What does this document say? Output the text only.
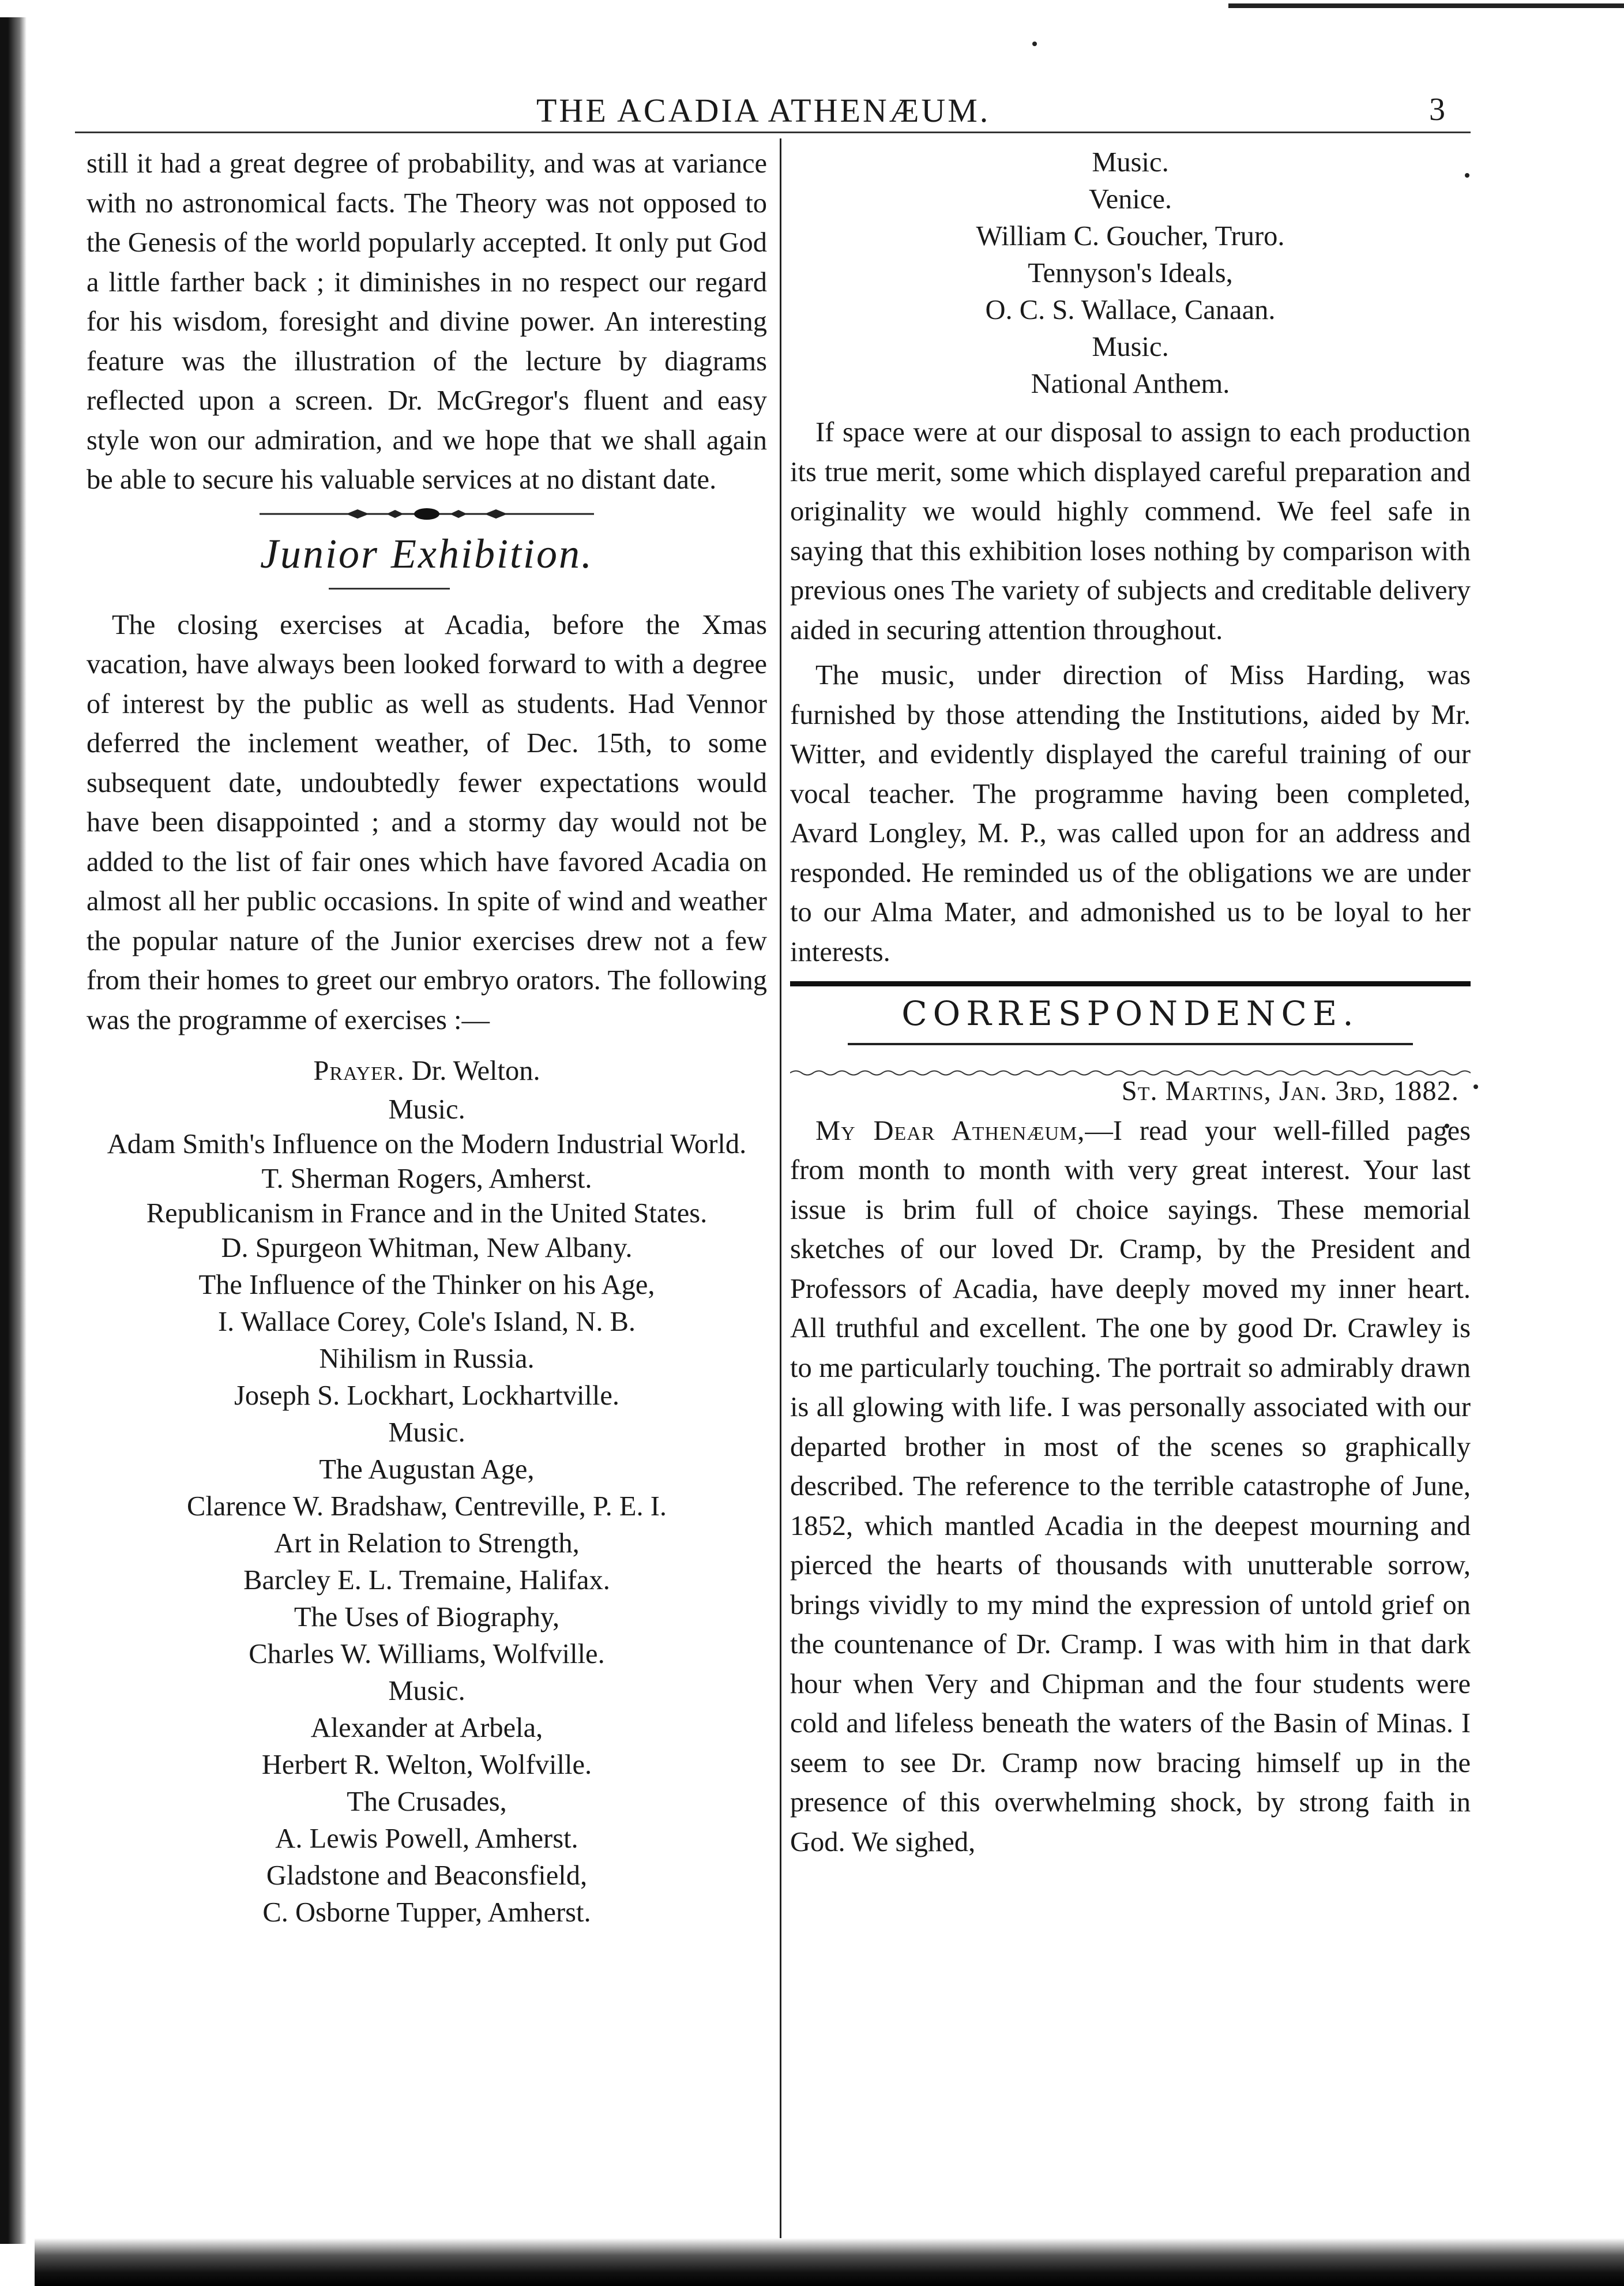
THE ACADIA ATHENÆUM.	3

still it had a great degree of probability, and was at variance with no astronomical facts. The Theory was not opposed to the Genesis of the world popularly accepted. It only put God a little farther back ; it diminishes in no respect our regard for his wisdom, foresight and divine power. An interesting feature was the illustration of the lecture by diagrams reflected upon a screen. Dr. McGregor's fluent and easy style won our admiration, and we hope that we shall again be able to secure his valuable services at no distant date.

Junior Exhibition.

The closing exercises at Acadia, before the Xmas vacation, have always been looked forward to with a degree of interest by the public as well as students. Had Vennor deferred the inclement weather, of Dec. 15th, to some subsequent date, undoubtedly fewer expectations would have been disappointed ; and a stormy day would not be added to the list of fair ones which have favored Acadia on almost all her public occasions. In spite of wind and weather the popular nature of the Junior exercises drew not a few from their homes to greet our embryo orators. The following was the programme of exercises :—

Prayer. Dr. Welton.

Music.

Adam Smith's Influence on the Modern Industrial World.

T. Sherman Rogers, Amherst.

Republicanism in France and in the United States.

D. Spurgeon Whitman, New Albany.

The Influence of the Thinker on his Age,

I. Wallace Corey, Cole's Island, N. B.

Nihilism in Russia.

Joseph S. Lockhart, Lockhartville.

Music.

The Augustan Age,

Clarence W. Bradshaw, Centreville, P. E. I.

Art in Relation to Strength,

Barcley E. L. Tremaine, Halifax.

The Uses of Biography,

Charles W. Williams, Wolfville.

Music.

Alexander at Arbela,

Herbert R. Welton, Wolfville.

The Crusades,

A. Lewis Powell, Amherst.

Gladstone and Beaconsfield,

C. Osborne Tupper, Amherst.

Music.

Venice.

William C. Goucher, Truro.

Tennyson's Ideals,

O. C. S. Wallace, Canaan.

Music.

National Anthem.

If space were at our disposal to assign to each production its true merit, some which displayed careful preparation and originality we would highly commend. We feel safe in saying that this exhibition loses nothing by comparison with previous ones The variety of subjects and creditable delivery aided in securing attention throughout.

The music, under direction of Miss Harding, was furnished by those attending the Institutions, aided by Mr. Witter, and evidently displayed the careful training of our vocal teacher. The programme having been completed, Avard Longley, M. P., was called upon for an address and responded. He reminded us of the obligations we are under to our Alma Mater, and admonished us to be loyal to her interests.

CORRESPONDENCE.

St. Martins, Jan. 3rd, 1882.

My Dear Athenæum,—I read your well-filled pages from month to month with very great interest. Your last issue is brim full of choice sayings. These memorial sketches of our loved Dr. Cramp, by the President and Professors of Acadia, have deeply moved my inner heart. All truthful and excellent. The one by good Dr. Crawley is to me particularly touching. The portrait so admirably drawn is all glowing with life. I was personally associated with our departed brother in most of the scenes so graphically described. The reference to the terrible catastrophe of June, 1852, which mantled Acadia in the deepest mourning and pierced the hearts of thousands with unutterable sorrow, brings vividly to my mind the expression of untold grief on the countenance of Dr. Cramp. I was with him in that dark hour when Very and Chipman and the four students were cold and lifeless beneath the waters of the Basin of Minas. I seem to see Dr. Cramp now bracing himself up in the presence of this overwhelming shock, by strong faith in God. We sighed,
